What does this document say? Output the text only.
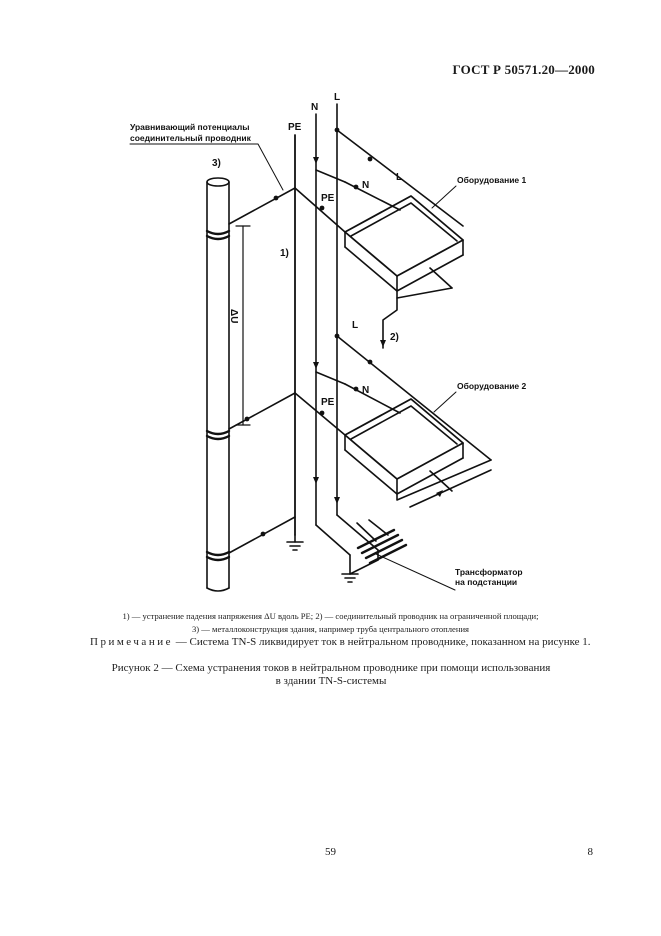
ГОСТ Р 50571.20—2000
Уравнивающий потенциалы
соединительный проводник
3)
PE
N
L
L
N
PE
1)
ΔU
L
2)
N
PE
Оборудование 1
Оборудование 2
Трансформатор
на подстанции
1) — устранение падения напряжения ΔU вдоль PE; 2) — соединительный проводник на ограниченной площади;
3) — металлоконструкция здания, например труба центрального отопления
Примечание — Система TN-S ликвидирует ток в нейтральном проводнике, показанном на рисунке 1.
Рисунок 2 — Схема устранения токов в нейтральном проводнике при помощи использования
в здании TN-S-системы
59	8
